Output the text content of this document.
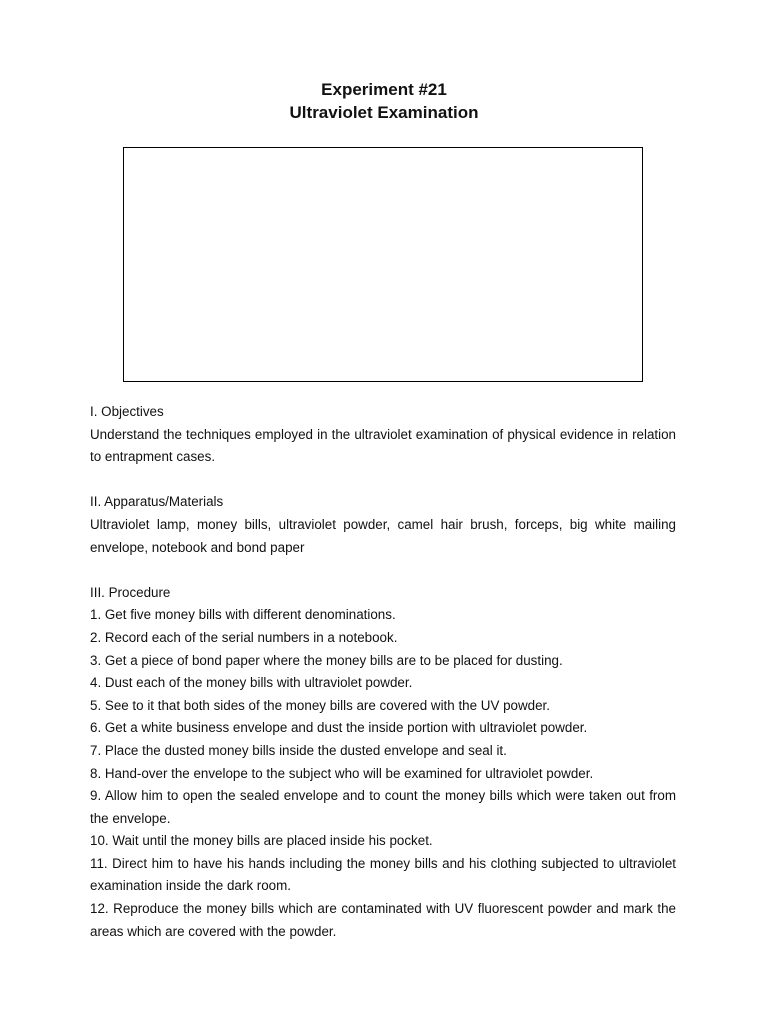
Experiment #21
Ultraviolet Examination

I. Objectives

Understand the techniques employed in the ultraviolet examination of physical evidence in relation to entrapment cases.

II. Apparatus/Materials

Ultraviolet lamp, money bills, ultraviolet powder, camel hair brush, forceps, big white mailing envelope, notebook and bond paper

III. Procedure

1. Get five money bills with different denominations.
2. Record each of the serial numbers in a notebook.
3. Get a piece of bond paper where the money bills are to be placed for dusting.
4. Dust each of the money bills with ultraviolet powder.
5. See to it that both sides of the money bills are covered with the UV powder.
6. Get a white business envelope and dust the inside portion with ultraviolet powder.
7. Place the dusted money bills inside the dusted envelope and seal it.
8. Hand-over the envelope to the subject who will be examined for ultraviolet powder.
9. Allow him to open the sealed envelope and to count the money bills which were taken out from the envelope.
10. Wait until the money bills are placed inside his pocket.
11. Direct him to have his hands including the money bills and his clothing subjected to ultraviolet examination inside the dark room.
12. Reproduce the money bills which are contaminated with UV fluorescent powder and mark the areas which are covered with the powder.
